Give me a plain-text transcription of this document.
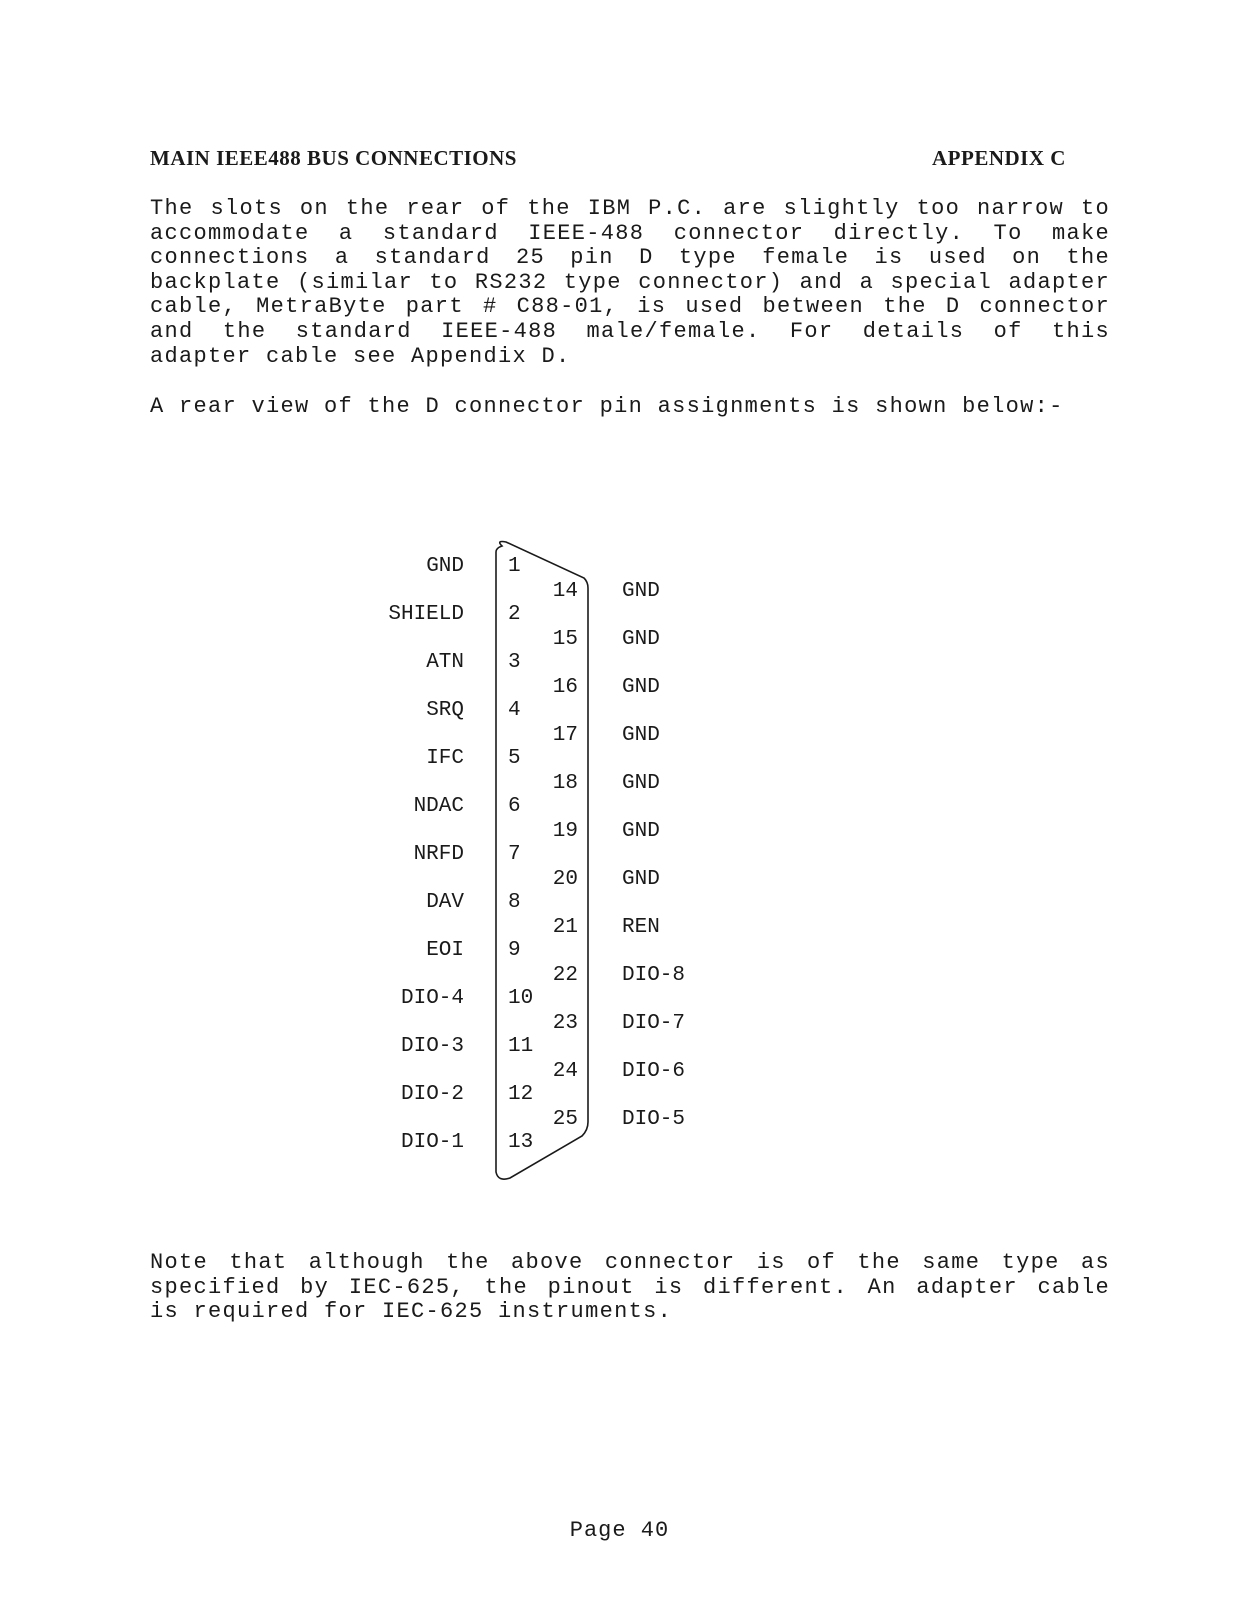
MAIN IEEE488 BUS CONNECTIONS	APPENDIX C

The slots on the rear of the IBM P.C. are slightly too narrow to
accommodate a standard IEEE-488 connector directly. To make
connections a standard 25 pin D type female is used on the
backplate (similar to RS232 type connector) and a special adapter
cable, MetraByte part # C88-01, is used between the D connector
and the standard IEEE-488 male/female. For details of this
adapter cable see Appendix D.

A rear view of the D connector pin assignments is shown below:-

GND 1
SHIELD 2
ATN 3
SRQ 4
IFC 5
NDAC 6
NRFD 7
DAV 8
EOI 9
DIO-4 10
DIO-3 11
DIO-2 12
DIO-1 13
14 GND
15 GND
16 GND
17 GND
18 GND
19 GND
20 GND
21 REN
22 DIO-8
23 DIO-7
24 DIO-6
25 DIO-5

Note that although the above connector is of the same type as
specified by IEC-625, the pinout is different. An adapter cable
is required for IEC-625 instruments.

Page 40
